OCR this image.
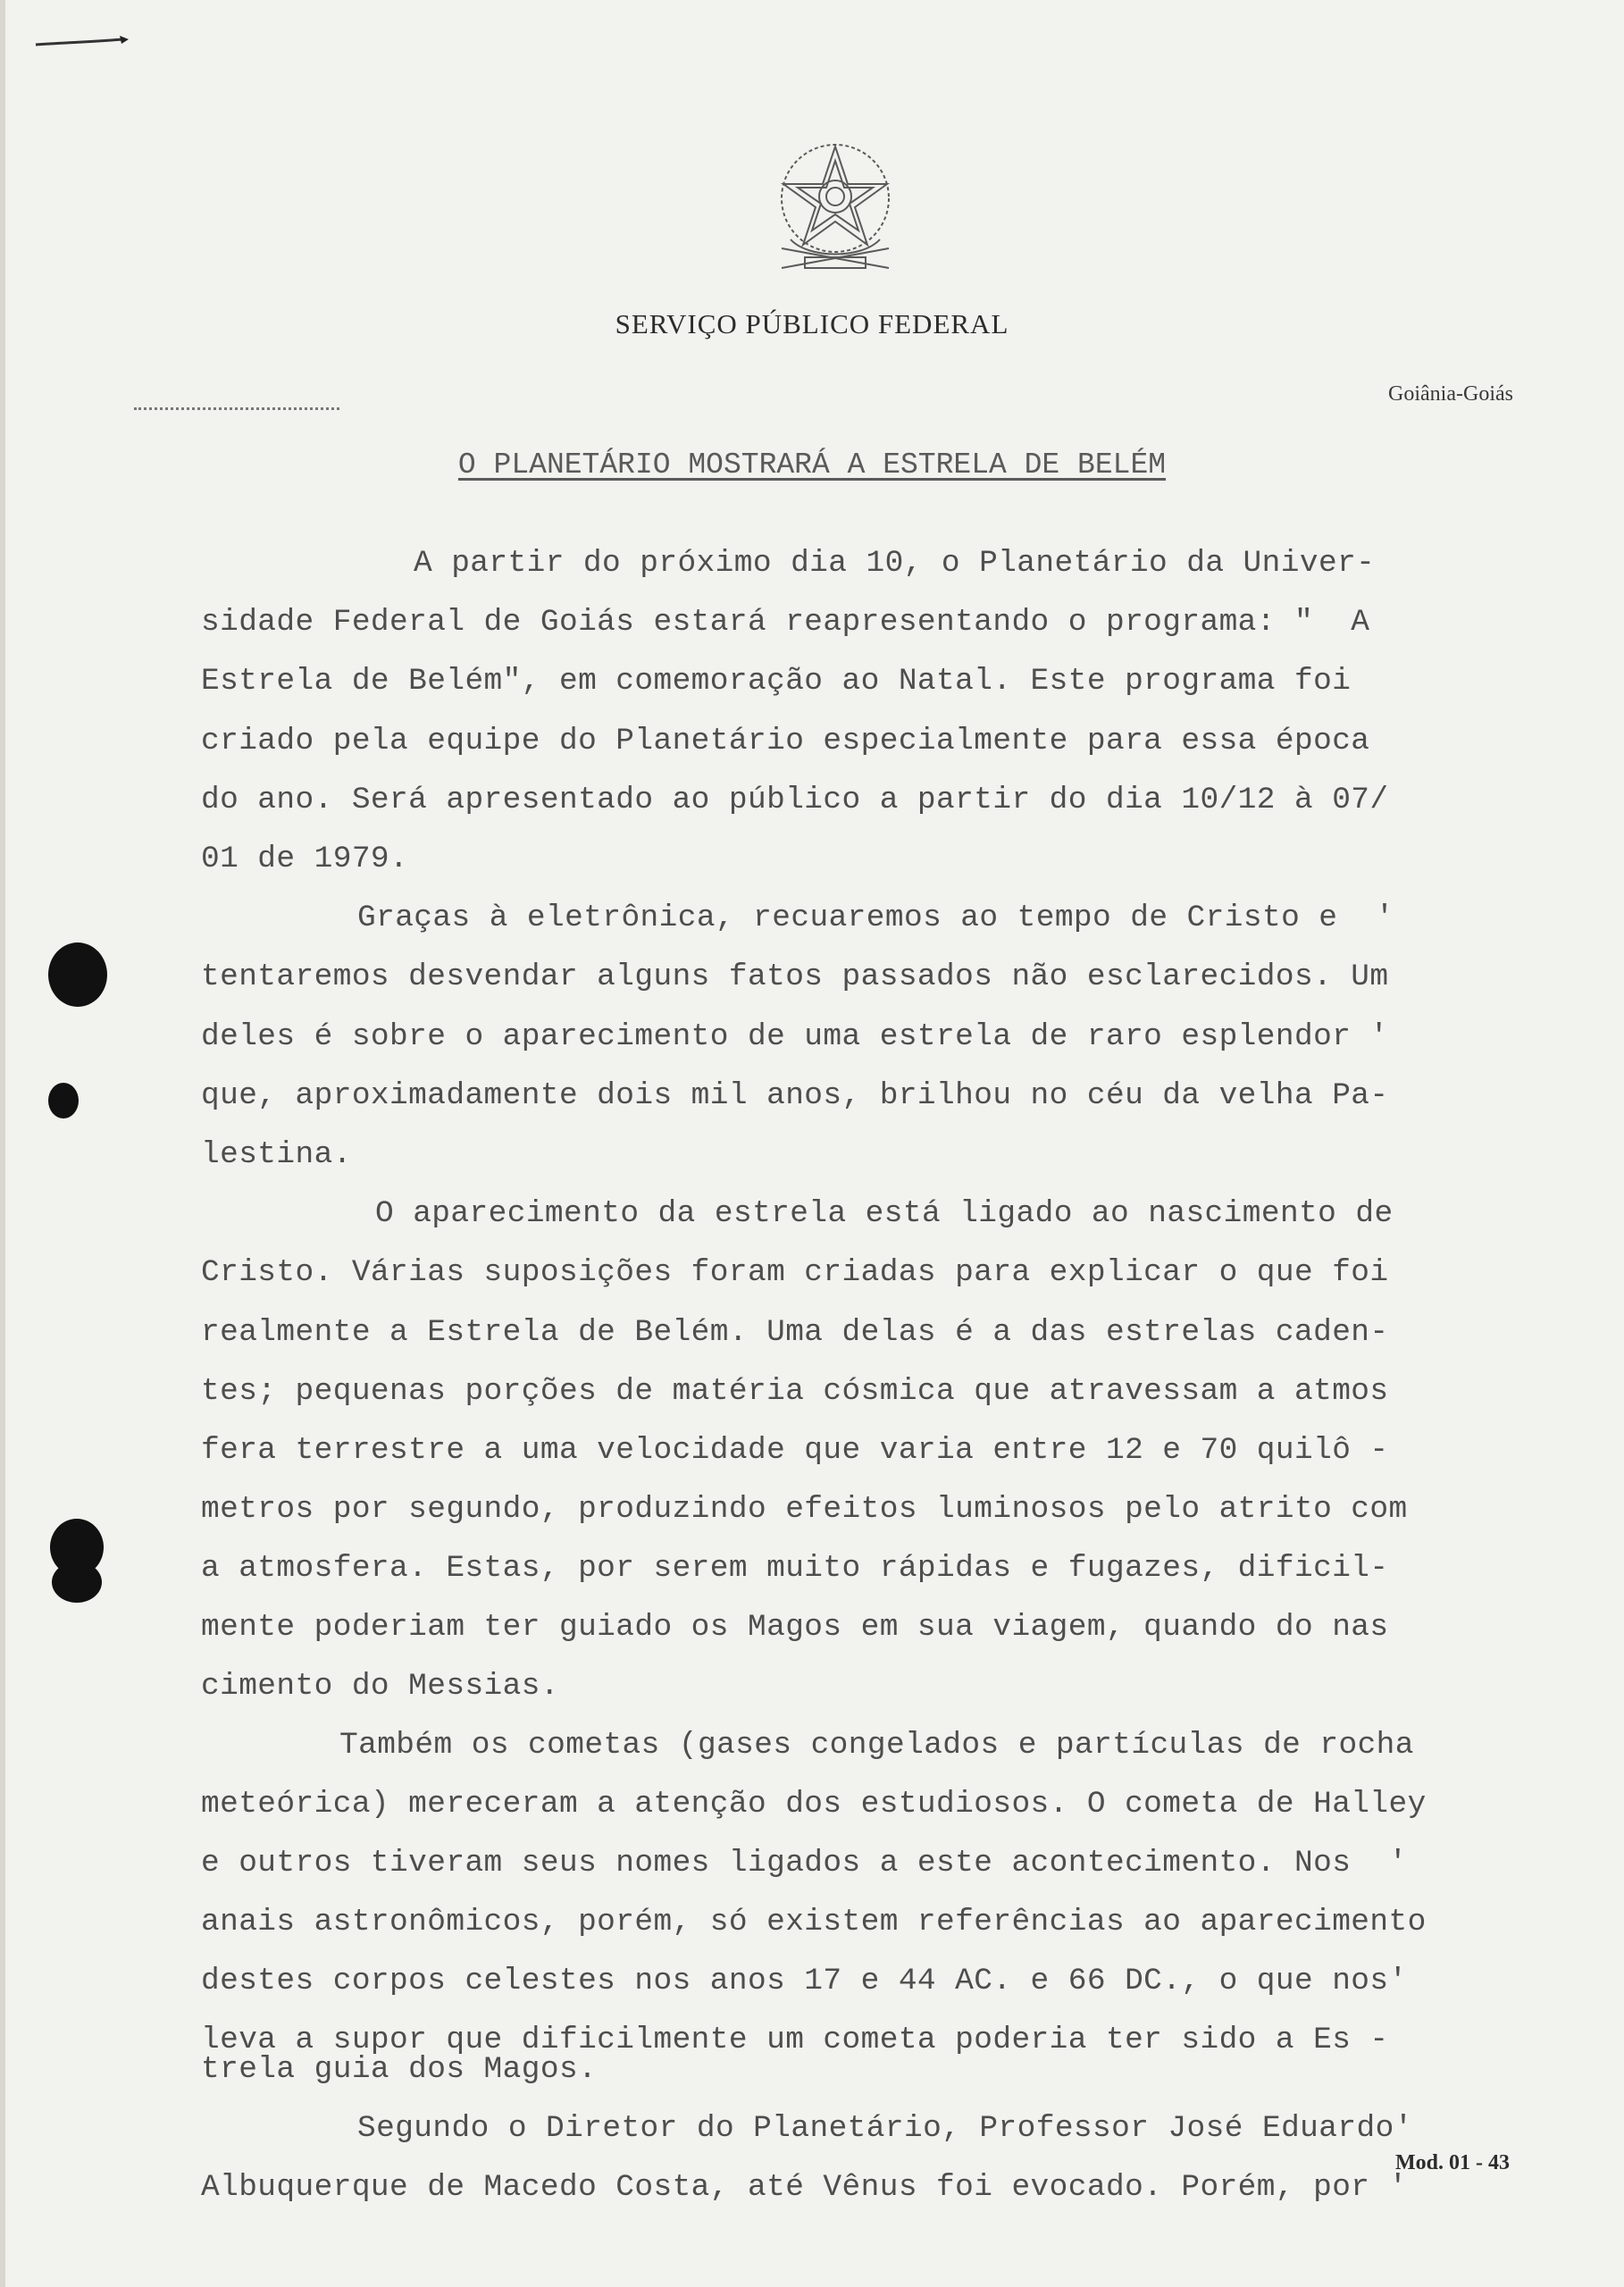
SERVIÇO PÚBLICO FEDERAL
Goiânia-Goiás
O PLANETÁRIO MOSTRARÁ A ESTRELA DE BELÉM
A partir do próximo dia 10, o Planetário da Univer-
sidade Federal de Goiás estará reapresentando o programa: "  A
Estrela de Belém", em comemoração ao Natal. Este programa foi
criado pela equipe do Planetário especialmente para essa época
do ano. Será apresentado ao público a partir do dia 10/12 à 07/
01 de 1979.
Graças à eletrônica, recuaremos ao tempo de Cristo e  '
tentaremos desvendar alguns fatos passados não esclarecidos. Um
deles é sobre o aparecimento de uma estrela de raro esplendor '
que, aproximadamente dois mil anos, brilhou no céu da velha Pa-
lestina.
O aparecimento da estrela está ligado ao nascimento de
Cristo. Várias suposições foram criadas para explicar o que foi
realmente a Estrela de Belém. Uma delas é a das estrelas caden-
tes; pequenas porções de matéria cósmica que atravessam a atmos
fera terrestre a uma velocidade que varia entre 12 e 70 quilô -
metros por segundo, produzindo efeitos luminosos pelo atrito com
a atmosfera. Estas, por serem muito rápidas e fugazes, dificil-
mente poderiam ter guiado os Magos em sua viagem, quando do nas
cimento do Messias.
Também os cometas (gases congelados e partículas de rocha
meteórica) mereceram a atenção dos estudiosos. O cometa de Halley
e outros tiveram seus nomes ligados a este acontecimento. Nos  '
anais astronômicos, porém, só existem referências ao aparecimento
destes corpos celestes nos anos 17 e 44 AC. e 66 DC., o que nos'
leva a supor que dificilmente um cometa poderia ter sido a Es -
trela guia dos Magos.
Segundo o Diretor do Planetário, Professor José Eduardo'
Albuquerque de Macedo Costa, até Vênus foi evocado. Porém, por '
Mod. 01 - 43
